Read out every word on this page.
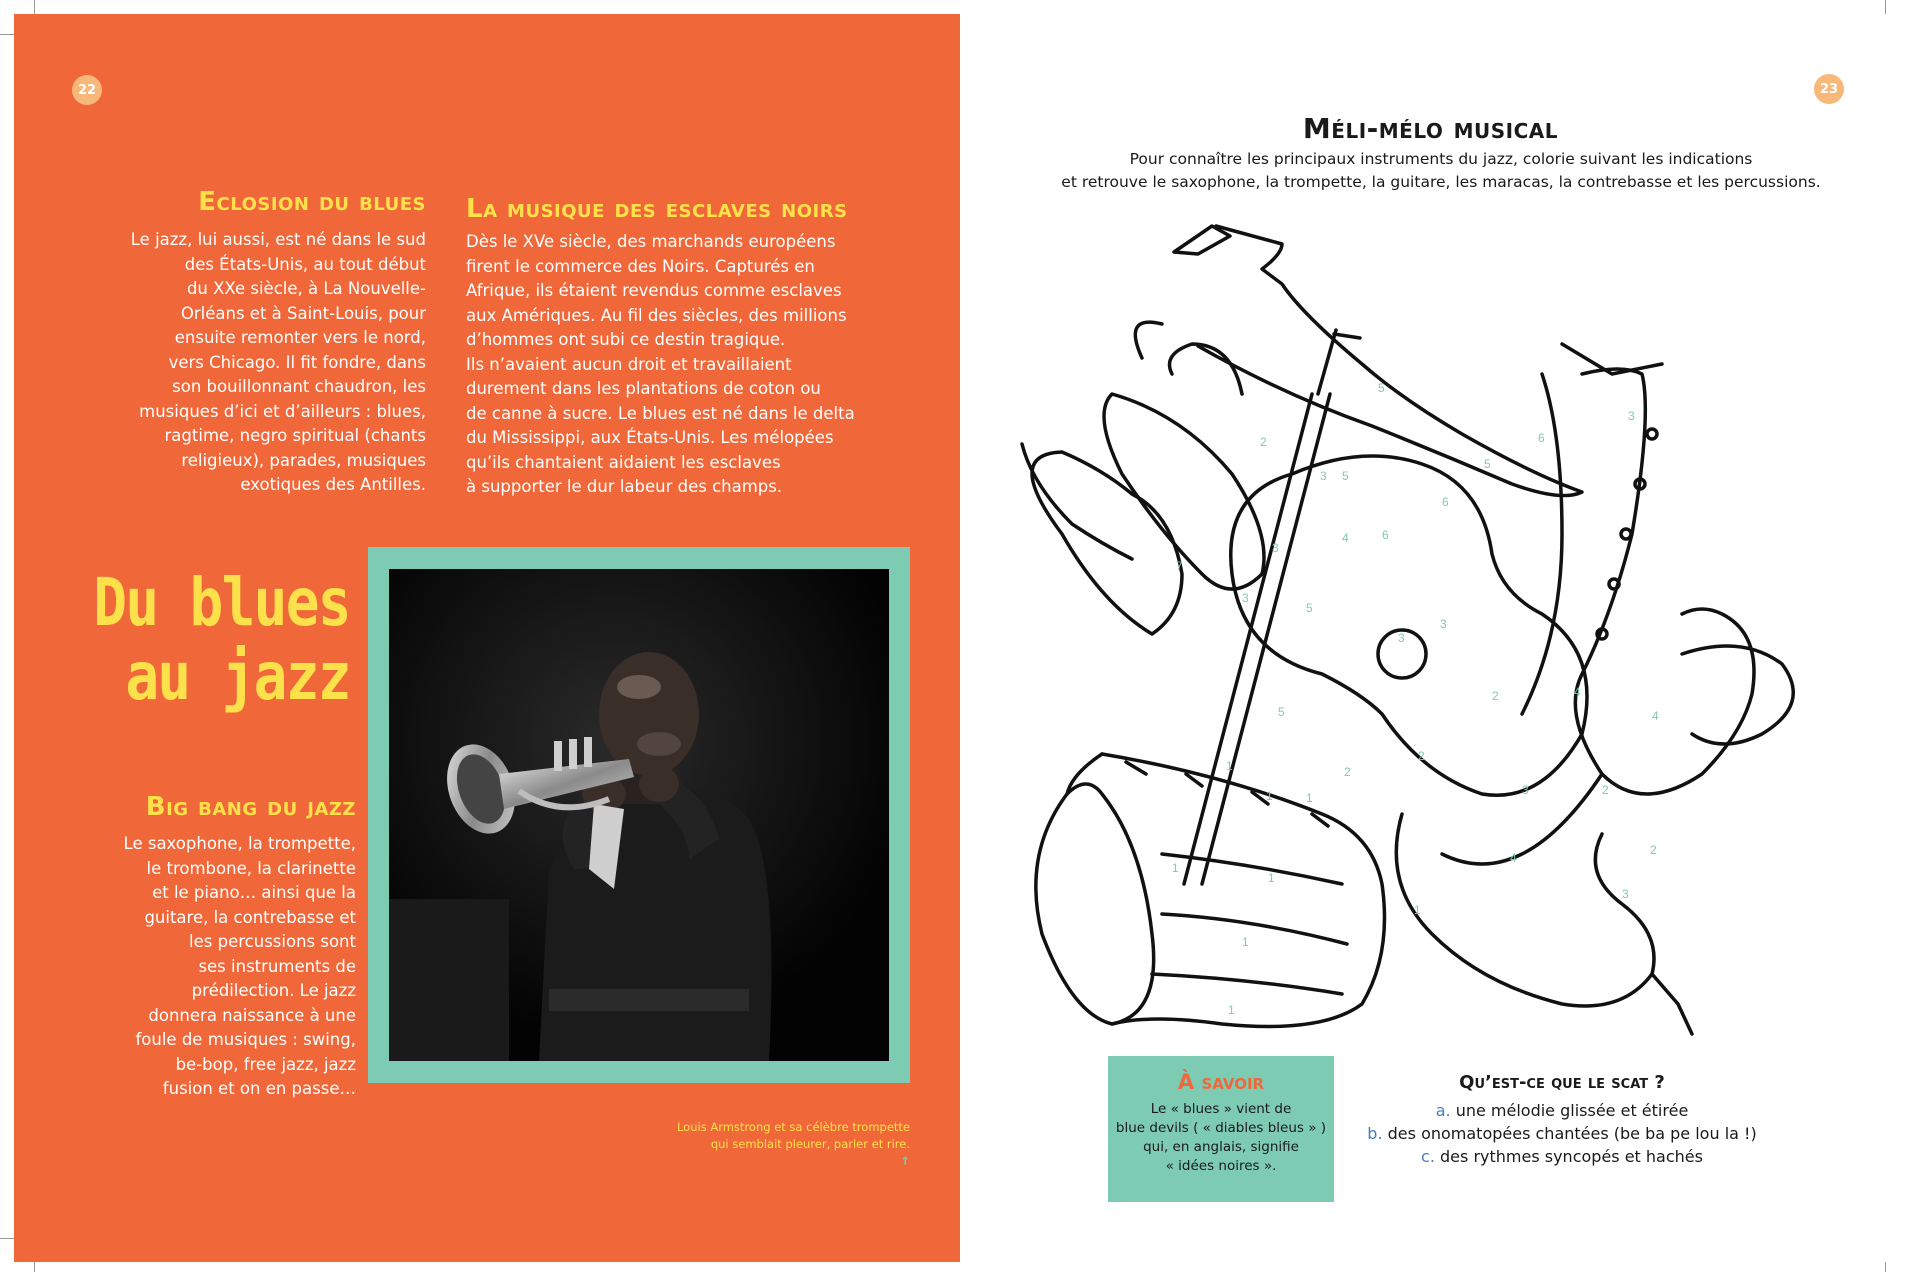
22
Eclosion du blues

Le jazz, lui aussi, est né dans le sud
des États-Unis, au tout début
du XXe siècle, à La Nouvelle-
Orléans et à Saint-Louis, pour
ensuite remonter vers le nord,
vers Chicago. Il fit fondre, dans
son bouillonnant chaudron, les
musiques d’ici et d’ailleurs : blues,
ragtime, negro spiritual (chants
religieux), parades, musiques
exotiques des Antilles.

La musique des esclaves noirs

Dès le XVe siècle, des marchands européens
firent le commerce des Noirs. Capturés en
Afrique, ils étaient revendus comme esclaves
aux Amériques. Au fil des siècles, des millions
d’hommes ont subi ce destin tragique.
Ils n’avaient aucun droit et travaillaient
durement dans les plantations de coton ou
de canne à sucre. Le blues est né dans le delta
du Mississippi, aux États-Unis. Les mélopées
qu’ils chantaient aidaient les esclaves
à supporter le dur labeur des champs.

Du blues
au jazz
Big bang du jazz

Le saxophone, la trompette,
le trombone, la clarinette
et le piano… ainsi que la
guitare, la contrebasse et
les percussions sont
ses instruments de
prédilection. Le jazz
donnera naissance à une
foule de musiques : swing,
be-bop, free jazz, jazz
fusion et on en passe…

Louis Armstrong et sa célèbre trompette
qui semblait pleurer, parler et rire.
↑

23
Méli-mélo musical

Pour connaître les principaux instruments du jazz, colorie suivant les indications
et retrouve le saxophone, la trompette, la guitare, les maracas, la contrebasse et les percussions.

5
6
2
5
3 5
3
6
6
4
7
3
3
5
3
3
4
4
2
2
2
5
1
1
1	3
1
1
4
2
1
3
1
2
1
À savoir

Le « blues » vient de
blue devils ( « diables bleus » )
qui, en anglais, signifie
« idées noires ».

Qu’est-ce que le scat ?
a. une mélodie glissée et étirée
b. des onomatopées chantées (be ba pe lou la !)
c. des rythmes syncopés et hachés
